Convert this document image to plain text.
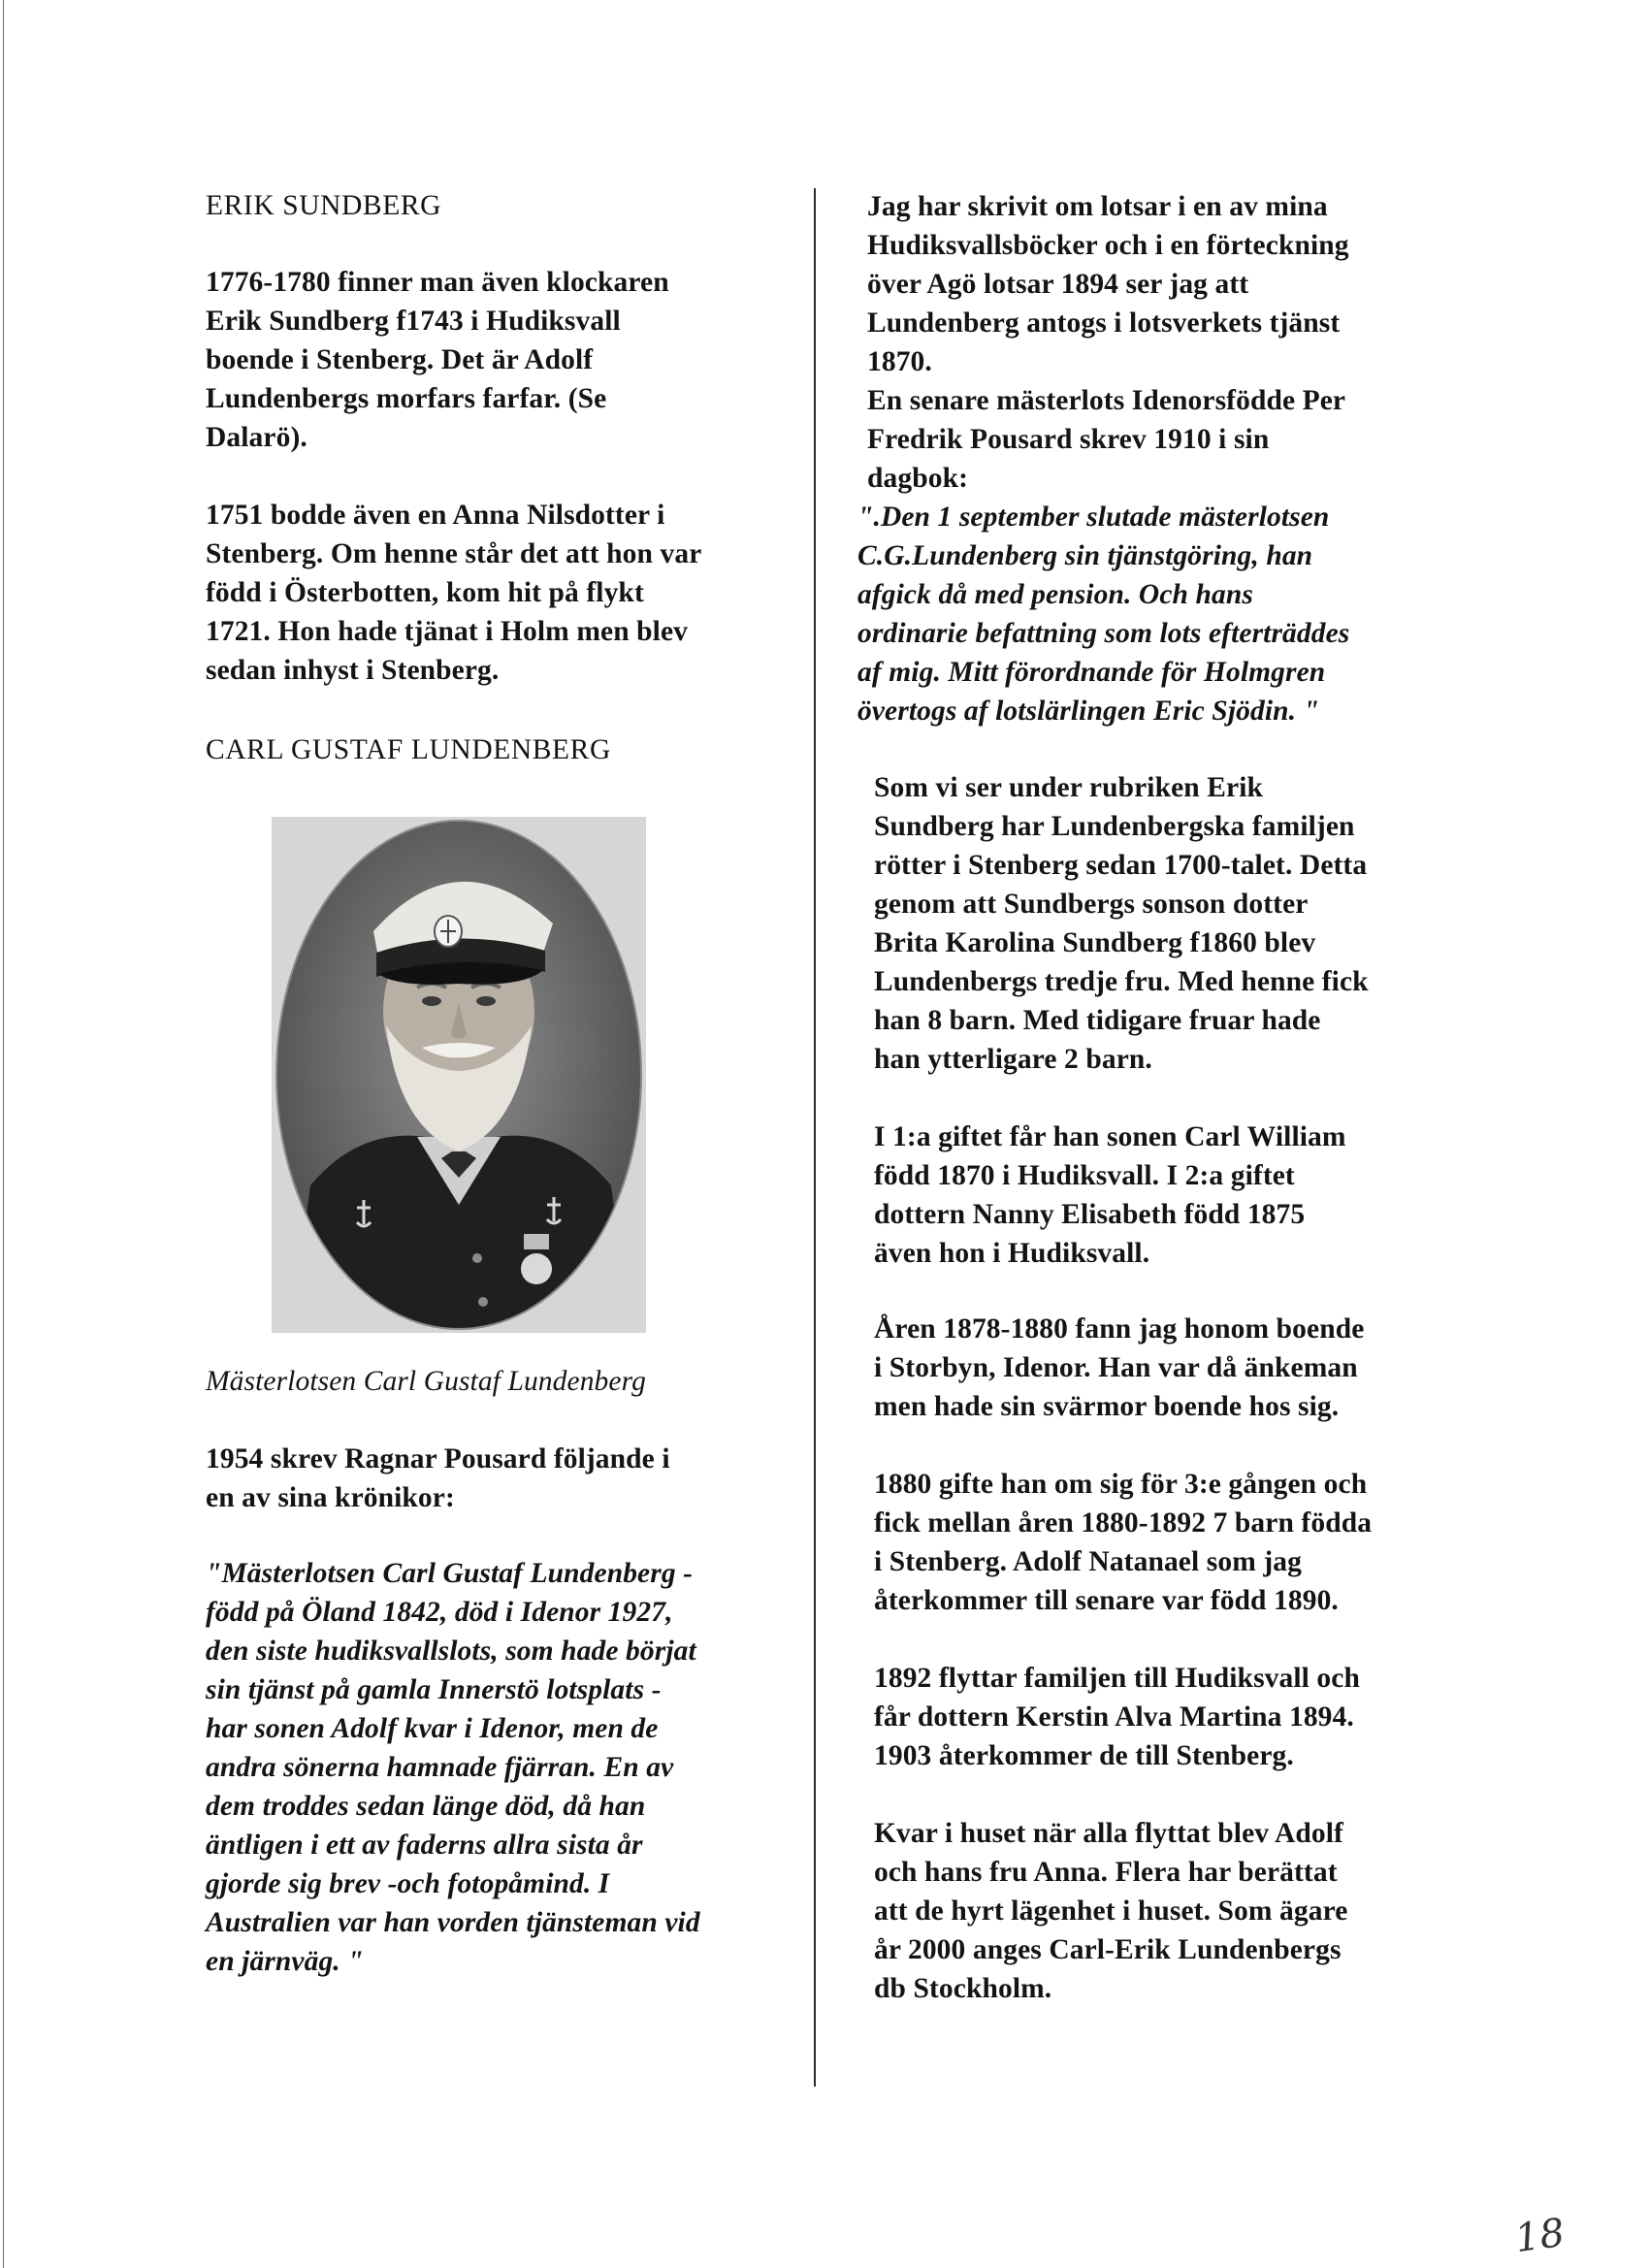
ERIK SUNDBERG

1776-1780 finner man även klockaren
Erik Sundberg f1743 i Hudiksvall
boende i Stenberg. Det är Adolf
Lundenbergs morfars farfar. (Se
Dalarö).

1751 bodde även en Anna Nilsdotter i
Stenberg. Om henne står det att hon var
född i Österbotten, kom hit på flykt
1721. Hon hade tjänat i Holm men blev
sedan inhyst i Stenberg.

CARL GUSTAF LUNDENBERG

Mästerlotsen Carl Gustaf Lundenberg

1954 skrev Ragnar Pousard följande i
en av sina krönikor:

"Mästerlotsen Carl Gustaf Lundenberg -
född på Öland 1842, död i Idenor 1927,
den siste hudiksvallslots, som hade börjat
sin tjänst på gamla Innerstö lotsplats -
har sonen Adolf kvar i Idenor, men de
andra sönerna hamnade fjärran. En av
dem troddes sedan länge död, då han
äntligen i ett av faderns allra sista år
gjorde sig brev -och fotopåmind. I
Australien var han vorden tjänsteman vid
en järnväg. "

Jag har skrivit om lotsar i en av mina
Hudiksvallsböcker och i en förteckning
över Agö lotsar 1894 ser jag att
Lundenberg antogs i lotsverkets tjänst
1870.

En senare mästerlots Idenorsfödde Per
Fredrik Pousard skrev 1910 i sin
dagbok:

".Den 1 september slutade mästerlotsen
C.G.Lundenberg sin tjänstgöring, han
afgick då med pension. Och hans
ordinarie befattning som lots efterträddes
af mig. Mitt förordnande för Holmgren
övertogs af lotslärlingen Eric Sjödin. "

Som vi ser under rubriken Erik
Sundberg har Lundenbergska familjen
rötter i Stenberg sedan 1700-talet. Detta
genom att Sundbergs sonson dotter
Brita Karolina Sundberg f1860 blev
Lundenbergs tredje fru. Med henne fick
han 8 barn. Med tidigare fruar hade
han ytterligare 2 barn.

I 1:a giftet får han sonen Carl William
född 1870 i Hudiksvall. I 2:a giftet
dottern Nanny Elisabeth född 1875
även hon i Hudiksvall.

Åren 1878-1880 fann jag honom boende
i Storbyn, Idenor. Han var då änkeman
men hade sin svärmor boende hos sig.

1880 gifte han om sig för 3:e gången och
fick mellan åren 1880-1892 7 barn födda
i Stenberg. Adolf Natanael som jag
återkommer till senare var född 1890.

1892 flyttar familjen till Hudiksvall och
får dottern Kerstin Alva Martina 1894.
1903 återkommer de till Stenberg.

Kvar i huset när alla flyttat blev Adolf
och hans fru Anna. Flera har berättat
att de hyrt lägenhet i huset. Som ägare
år 2000 anges Carl-Erik Lundenbergs
db Stockholm.

18
